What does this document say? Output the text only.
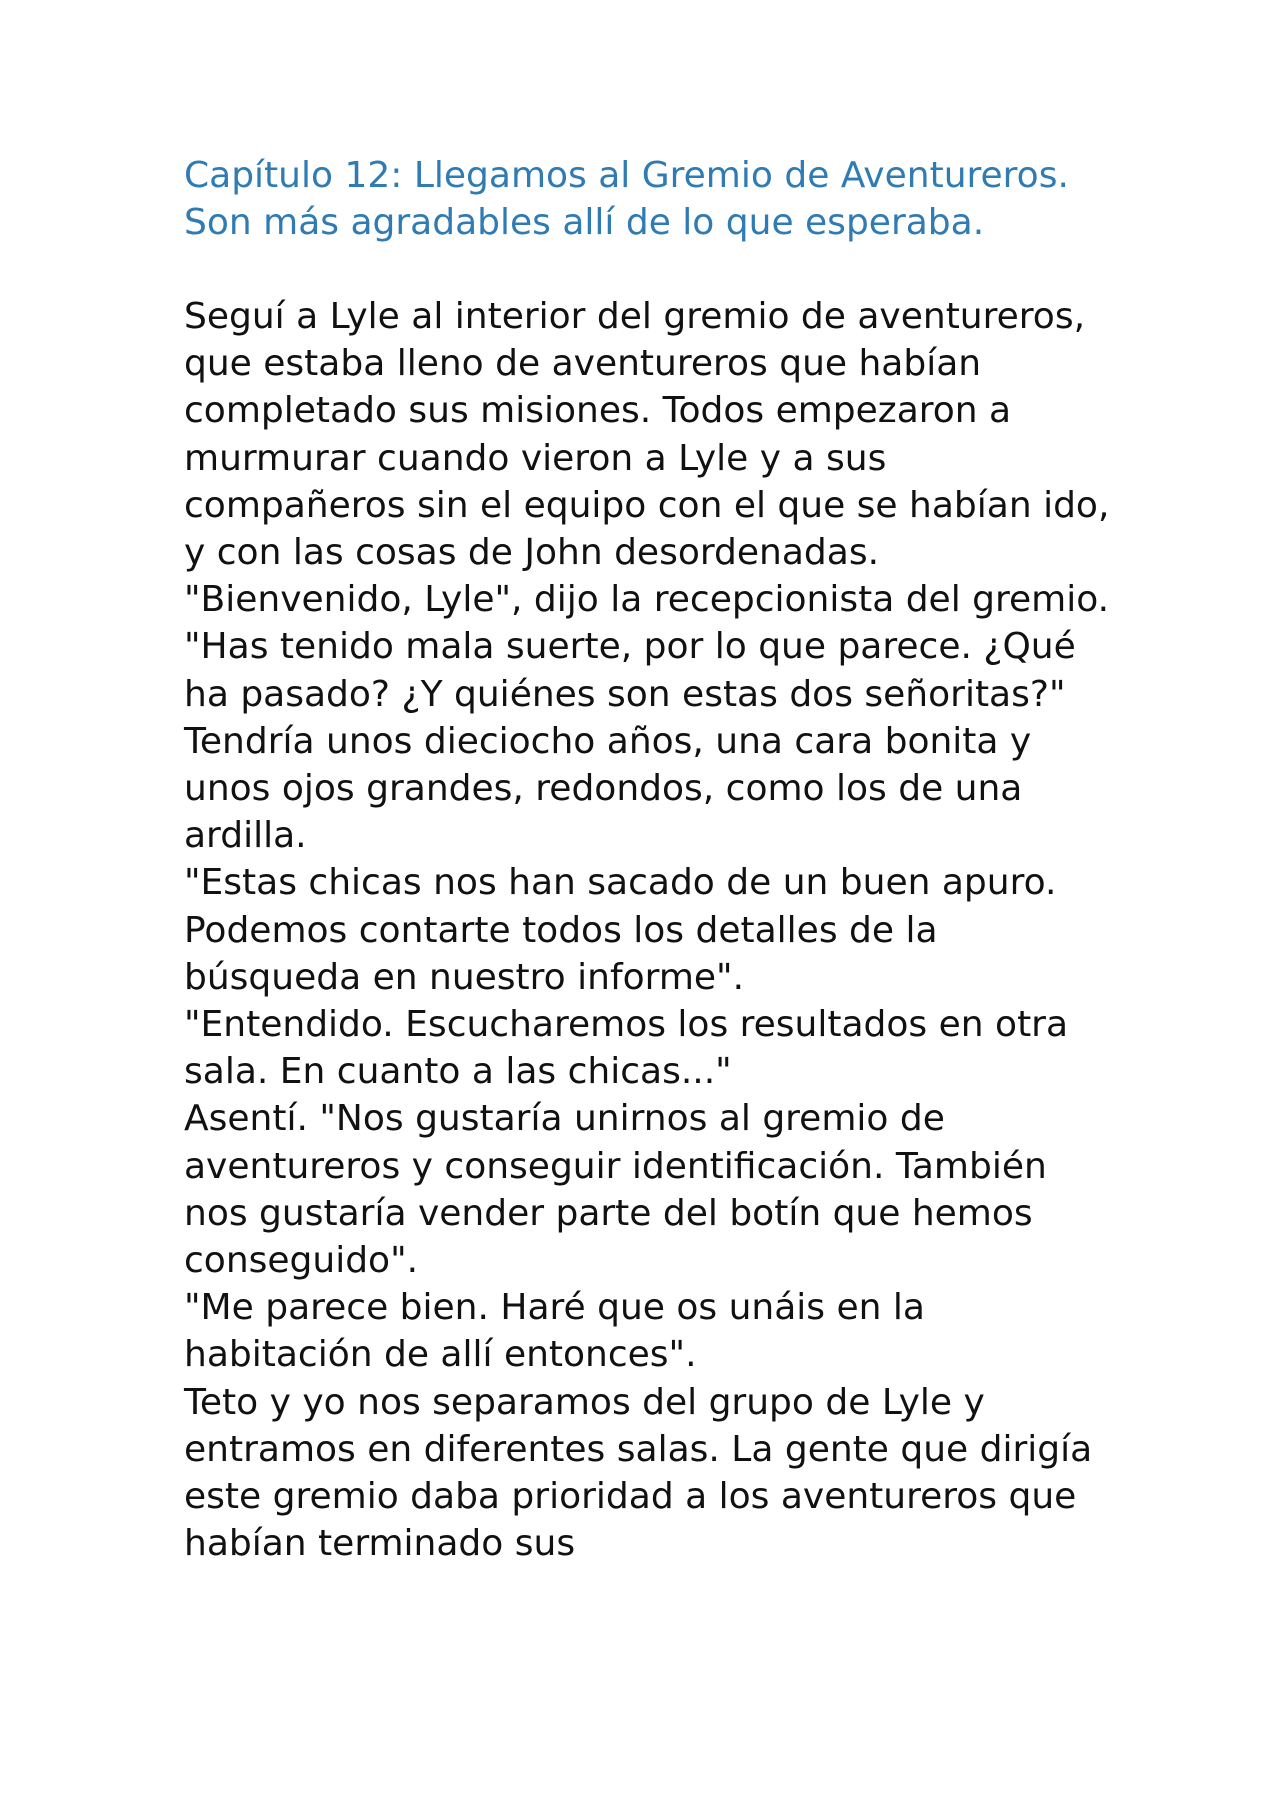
Capítulo 12: Llegamos al Gremio de Aventureros. Son más agradables allí de lo que esperaba.

Seguí a Lyle al interior del gremio de aventureros, que estaba lleno de aventureros que habían completado sus misiones. Todos empezaron a murmurar cuando vieron a Lyle y a sus compañeros sin el equipo con el que se habían ido, y con las cosas de John desordenadas.

"Bienvenido, Lyle", dijo la recepcionista del gremio. "Has tenido mala suerte, por lo que parece. ¿Qué ha pasado? ¿Y quiénes son estas dos señoritas?" Tendría unos dieciocho años, una cara bonita y unos ojos grandes, redondos, como los de una ardilla.

"Estas chicas nos han sacado de un buen apuro. Podemos contarte todos los detalles de la búsqueda en nuestro informe".

"Entendido. Escucharemos los resultados en otra sala. En cuanto a las chicas..."

Asentí. "Nos gustaría unirnos al gremio de aventureros y conseguir identificación. También nos gustaría vender parte del botín que hemos conseguido".

"Me parece bien. Haré que os unáis en la habitación de allí entonces".

Teto y yo nos separamos del grupo de Lyle y entramos en diferentes salas. La gente que dirigía este gremio daba prioridad a los aventureros que habían terminado sus
